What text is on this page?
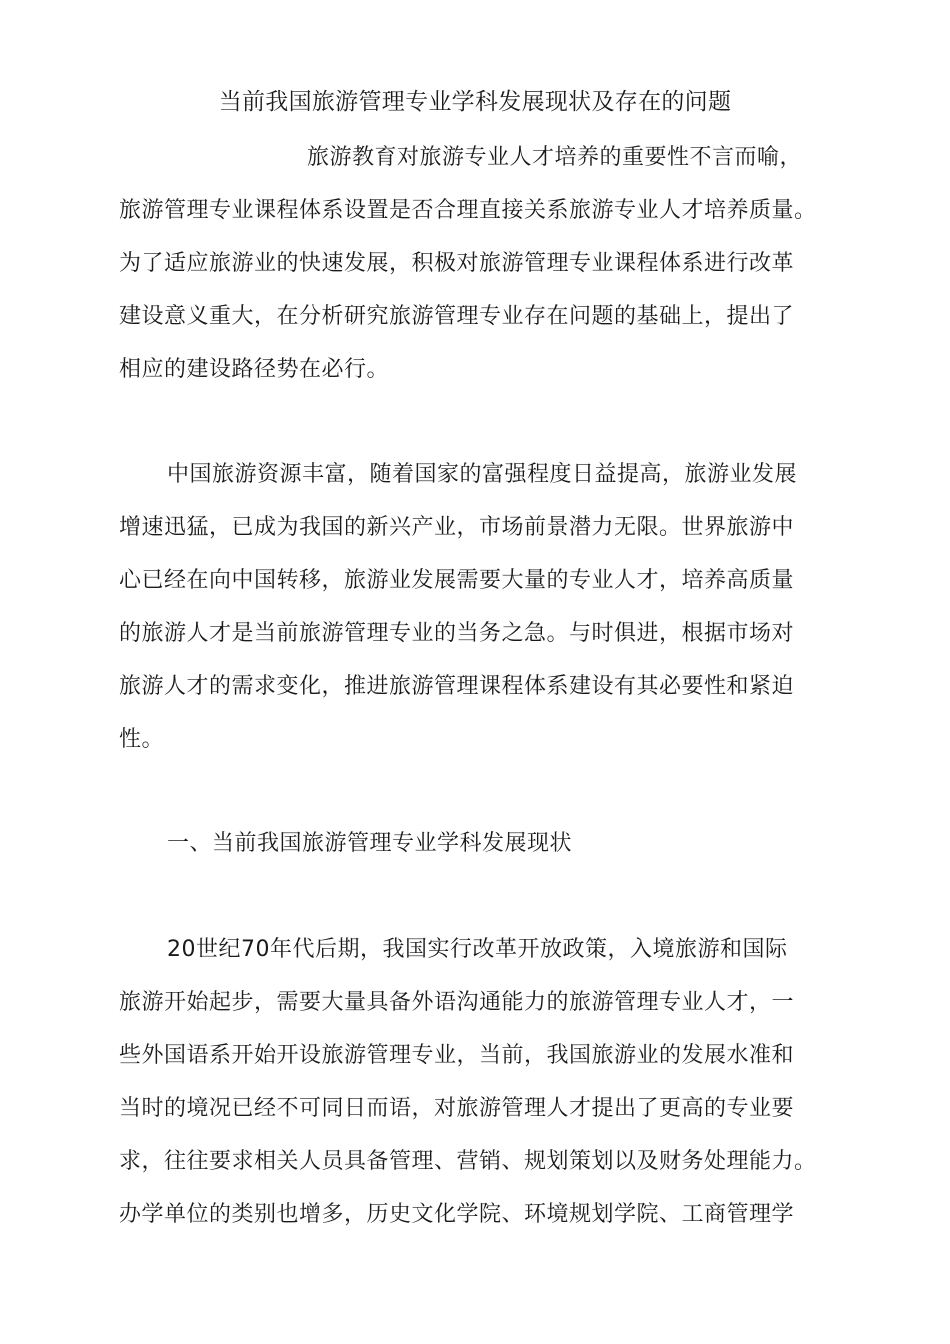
当前我国旅游管理专业学科发展现状及存在的问题

旅游教育对旅游专业人才培养的重要性不言而喻，

旅游管理专业课程体系设置是否合理直接关系旅游专业人才培养质量。

为了适应旅游业的快速发展，积极对旅游管理专业课程体系进行改革

建设意义重大，在分析研究旅游管理专业存在问题的基础上，提出了

相应的建设路径势在必行。

中国旅游资源丰富，随着国家的富强程度日益提高，旅游业发展

增速迅猛，已成为我国的新兴产业，市场前景潜力无限。世界旅游中

心已经在向中国转移，旅游业发展需要大量的专业人才，培养高质量

的旅游人才是当前旅游管理专业的当务之急。与时俱进，根据市场对

旅游人才的需求变化，推进旅游管理课程体系建设有其必要性和紧迫

性。

一、当前我国旅游管理专业学科发展现状

20世纪70年代后期，我国实行改革开放政策，入境旅游和国际

旅游开始起步，需要大量具备外语沟通能力的旅游管理专业人才，一

些外国语系开始开设旅游管理专业，当前，我国旅游业的发展水准和

当时的境况已经不可同日而语，对旅游管理人才提出了更高的专业要

求，往往要求相关人员具备管理、营销、规划策划以及财务处理能力。

办学单位的类别也增多，历史文化学院、环境规划学院、工商管理学
